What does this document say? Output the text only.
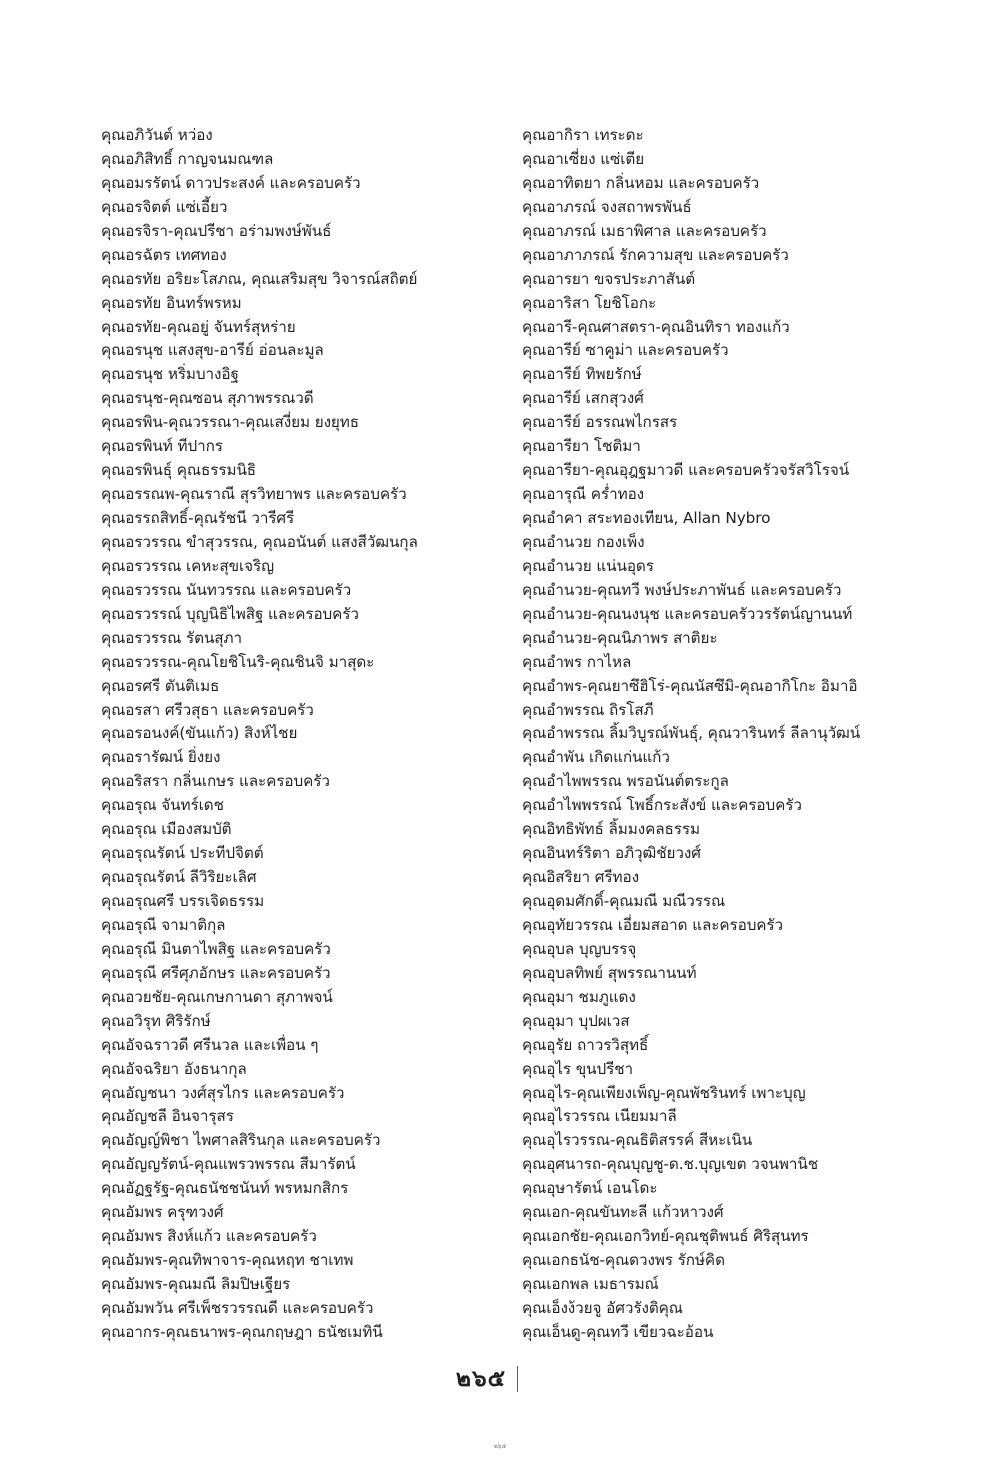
คุณอภิวันต์ หว่อง
คุณอภิสิทธิ์ กาญจนมณฑล
คุณอมรรัตน์ ดาวประสงค์ และครอบครัว
คุณอรจิตต์ แซ่เอี้ยว
คุณอรจิรา-คุณปรีชา อร่ามพงษ์พันธ์
คุณอรฉัตร เทศทอง
คุณอรทัย อริยะโสภณ, คุณเสริมสุข วิจารณ์สถิตย์
คุณอรทัย อินทร์พรหม
คุณอรทัย-คุณอยู่ จันทร์สุหร่าย
คุณอรนุช แสงสุข-อารีย์ อ่อนละมูล
คุณอรนุช หริ่มบางอิฐ
คุณอรนุช-คุณซอน สุภาพรรณวดี
คุณอรพิน-คุณวรรณา-คุณเสงี่ยม ยงยุทธ
คุณอรพินท์ ทีปากร
คุณอรพินธุ์ คุณธรรมนิธิ
คุณอรรณพ-คุณราณี สุรวิทยาพร และครอบครัว
คุณอรรถสิทธิ์-คุณรัชนี วารีศรี
คุณอรวรรณ ขำสุวรรณ, คุณอนันต์ แสงสีวัฒนกุล
คุณอรวรรณ เคหะสุขเจริญ
คุณอรวรรณ นันทวรรณ และครอบครัว
คุณอรวรรณ์ บุญนิธิไพสิฐ และครอบครัว
คุณอรวรรณ รัตนสุภา
คุณอรวรรณ-คุณโยชิโนริ-คุณชินจิ มาสุดะ
คุณอรศรี ตันติเมธ
คุณอรสา ศรีวสุธา และครอบครัว
คุณอรอนงค์(ขันแก้ว) สิงห์ไชย
คุณอรารัฒน์ ยิ่งยง
คุณอริสรา กลิ่นเกษร และครอบครัว
คุณอรุณ จันทร์เดช
คุณอรุณ เมืองสมบัติ
คุณอรุณรัตน์ ประทีปจิตต์
คุณอรุณรัตน์ ลีวิริยะเลิศ
คุณอรุณศรี บรรเจิดธรรม
คุณอรุณี จามาติกุล
คุณอรุณี มินตาไพสิฐ และครอบครัว
คุณอรุณี ศรีศุภอักษร และครอบครัว
คุณอวยชัย-คุณเกษกานดา สุภาพจน์
คุณอวิรุท ศิริรักษ์
คุณอัจฉราวดี ศรีนวล และเพื่อน ๆ
คุณอัจฉริยา อังธนากุล
คุณอัญชนา วงศ์สุรไกร และครอบครัว
คุณอัญชลี อินจารุสร
คุณอัญญ์พิชา ไพศาลสิรินกุล และครอบครัว
คุณอัญญรัตน์-คุณแพรวพรรณ สีมารัตน์
คุณอัฏฐรัฐ-คุณธนัชชนันท์ พรหมกสิกร
คุณอัมพร ครุฑวงศ์
คุณอัมพร สิงห์แก้ว และครอบครัว
คุณอัมพร-คุณทิพาจาร-คุณหฤท ชาเทพ
คุณอัมพร-คุณมณี ลิมปิษเฐียร
คุณอัมพวัน ศรีเพ็ชรวรรณดี และครอบครัว
คุณอากร-คุณธนาพร-คุณกฤษฎา ธนัชเมทินี
คุณอากิรา เทระดะ
คุณอาเซี่ยง แซ่เตีย
คุณอาทิตยา กลิ่นหอม และครอบครัว
คุณอาภรณ์ จงสถาพรพันธ์
คุณอาภรณ์ เมธาพิศาล และครอบครัว
คุณอาภาภรณ์ รักความสุข และครอบครัว
คุณอารยา ขจรประภาสันต์
คุณอาริสา โยชิโอกะ
คุณอารี-คุณศาสตรา-คุณอินทิรา ทองแก้ว
คุณอารีย์ ซาคูม่า และครอบครัว
คุณอารีย์ ทิพยรักษ์
คุณอารีย์ เสกสุวงศ์
คุณอารีย์ อรรณพไกรสร
คุณอารียา โชติมา
คุณอารียา-คุณอุฎฐมาวดี และครอบครัวจรัสวิโรจน์
คุณอารุณี คร่ำทอง
คุณอำคา สระทองเทียน, Allan Nybro
คุณอำนวย กองเพ็ง
คุณอำนวย แน่นอุดร
คุณอำนวย-คุณทวี พงษ์ประภาพันธ์ และครอบครัว
คุณอำนวย-คุณนงนุช และครอบครัววรรัตน์ญานนท์
คุณอำนวย-คุณนิภาพร สาติยะ
คุณอำพร กาไหล
คุณอำพร-คุณยาซึฮิโร่-คุณนัสซึมิ-คุณอากิโกะ อิมาอิ
คุณอำพรรณ ถิรโสภี
คุณอำพรรณ ลิ้มวิบูรณ์พันธุ์, คุณวารินทร์ ลีลานุวัฒน์
คุณอำพัน เกิดแก่นแก้ว
คุณอำไพพรรณ พรอนันต์ตระกูล
คุณอำไพพรรณ์ โพธิ์กระสังข์ และครอบครัว
คุณอิทธิพัทธ์ ลิ้มมงคลธรรม
คุณอินทร์ริตา อภิวุฒิชัยวงศ์
คุณอิสริยา ศรีทอง
คุณอุดมศักดิ์-คุณมณี มณีวรรณ
คุณอุทัยวรรณ เอี่ยมสอาด และครอบครัว
คุณอุบล บุญบรรจุ
คุณอุบลทิพย์ สุพรรณานนท์
คุณอุมา ชมภูแดง
คุณอุมา บุปผเวส
คุณอุรัย ถาวรวิสุทธิ์
คุณอุไร ขุนปรีชา
คุณอุไร-คุณเพียงเพ็ญ-คุณพัชรินทร์ เพาะบุญ
คุณอุไรวรรณ เนียมมาลี
คุณอุไรวรรณ-คุณธิติสรรค์ สีหะเนิน
คุณอุศนารถ-คุณบุญชู-ด.ช.บุญเขต วจนพานิช
คุณอุษารัตน์ เอนโดะ
คุณเอก-คุณขันทะลี แก้วหาวงศ์
คุณเอกชัย-คุณเอกวิทย์-คุณชุติพนธ์ ศิริสุนทร
คุณเอกธนัช-คุณดวงพร รักษ์คิด
คุณเอกพล เมธารมณ์
คุณเอ็งง้วยจู อัศวรังติคุณ
คุณเอ็นดู-คุณทวี เขียวฉะอ้อน
๒๖๕
๒๖๕
